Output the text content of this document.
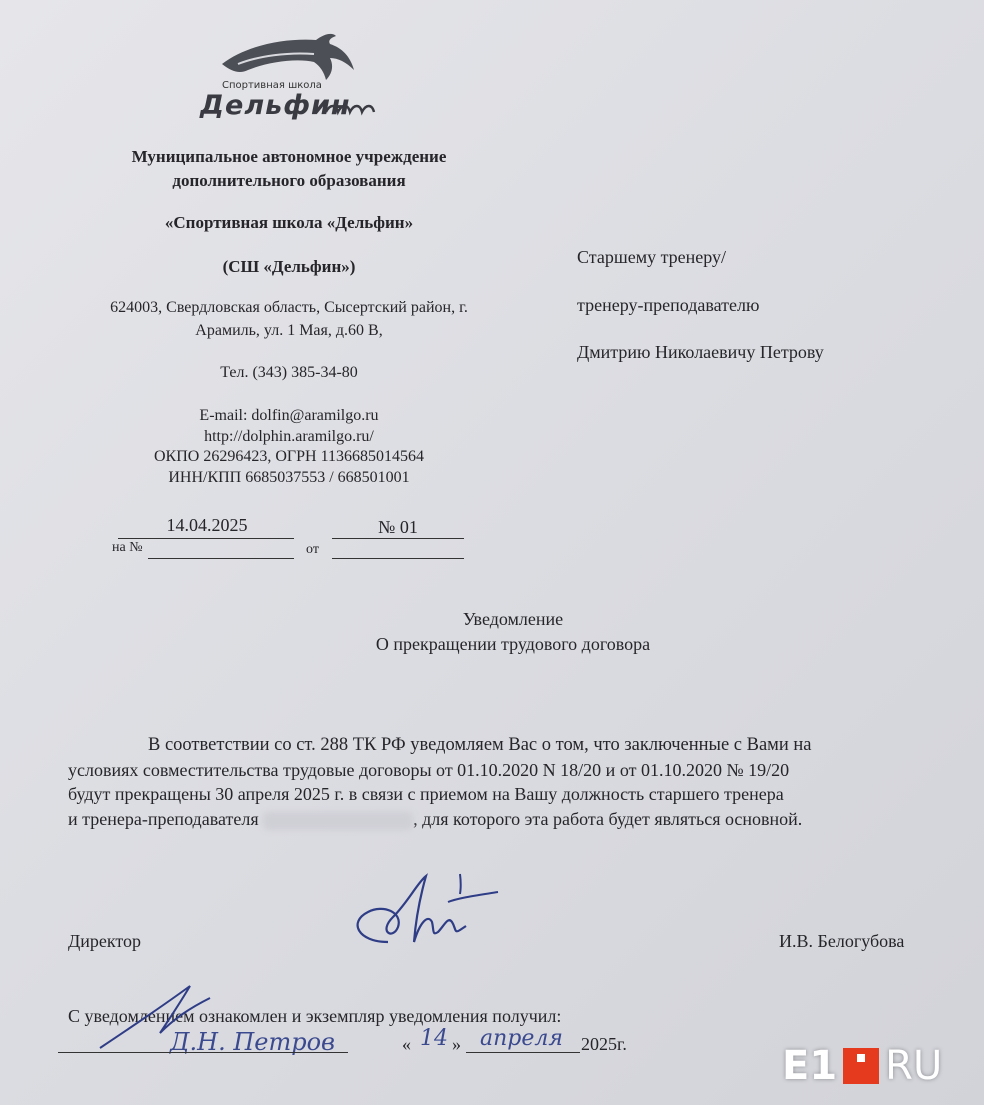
Спортивная школа
Дельфин
Муниципальное автономное учреждение
дополнительного образования
«Спортивная школа «Дельфин»
(СШ «Дельфин»)
624003, Свердловская область, Сысертский район, г.
Арамиль, ул. 1 Мая, д.60 В,
Тел. (343) 385-34-80
E-mail: dolfin@aramilgo.ru
http://dolphin.aramilgo.ru/
ОКПО 26296423, ОГРН 1136685014564
ИНН/КПП 6685037553 / 668501001
14.04.2025	№ 01
на №	от
Старшему тренеру/
тренеру-преподавателю
Дмитрию Николаевичу Петрову
Уведомление
О прекращении трудового договора
В соответствии со ст. 288 ТК РФ уведомляем Вас о том, что заключенные с Вами на
условиях совместительства трудовые договоры от 01.10.2020 N 18/20 и от 01.10.2020 № 19/20
будут прекращены 30 апреля 2025 г. в связи с приемом на Вашу должность старшего тренера
и тренера-преподавателя	, для которого эта работа будет являться основной.
Директор	И.В. Белогубова
С уведомлением ознакомлен и экземпляр уведомления получил:
Д.Н. Петров	« 14 » апреля 2025г.	E1 RU
